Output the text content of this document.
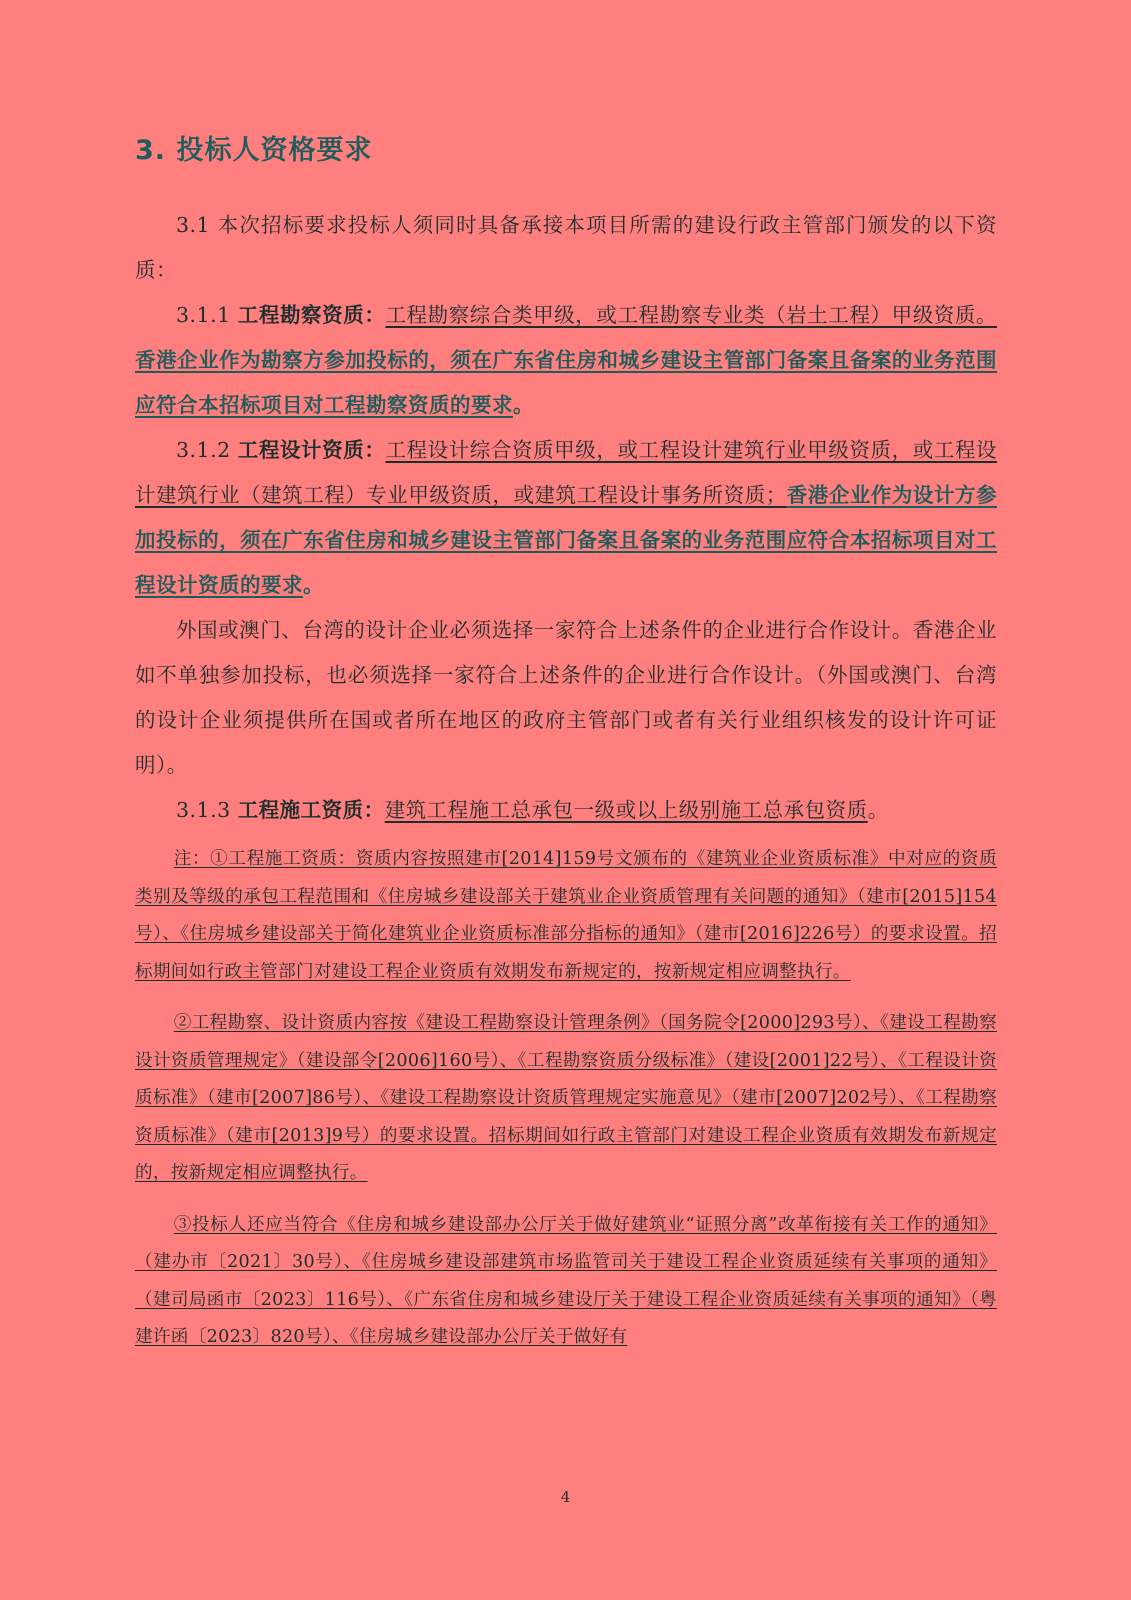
3. 投标人资格要求

3.1 本次招标要求投标人须同时具备承接本项目所需的建设行政主管部门颁发的以下资质：

3.1.1 工程勘察资质：工程勘察综合类甲级，或工程勘察专业类（岩土工程）甲级资质。香港企业作为勘察方参加投标的，须在广东省住房和城乡建设主管部门备案且备案的业务范围应符合本招标项目对工程勘察资质的要求。

3.1.2 工程设计资质：工程设计综合资质甲级，或工程设计建筑行业甲级资质，或工程设计建筑行业（建筑工程）专业甲级资质，或建筑工程设计事务所资质；香港企业作为设计方参加投标的，须在广东省住房和城乡建设主管部门备案且备案的业务范围应符合本招标项目对工程设计资质的要求。

外国或澳门、台湾的设计企业必须选择一家符合上述条件的企业进行合作设计。香港企业如不单独参加投标，也必须选择一家符合上述条件的企业进行合作设计。（外国或澳门、台湾的设计企业须提供所在国或者所在地区的政府主管部门或者有关行业组织核发的设计许可证明）。

3.1.3 工程施工资质：建筑工程施工总承包一级或以上级别施工总承包资质。

注：①工程施工资质：资质内容按照建市[2014]159号文颁布的《建筑业企业资质标准》中对应的资质类别及等级的承包工程范围和《住房城乡建设部关于建筑业企业资质管理有关问题的通知》（建市[2015]154号）、《住房城乡建设部关于简化建筑业企业资质标准部分指标的通知》（建市[2016]226号）的要求设置。招标期间如行政主管部门对建设工程企业资质有效期发布新规定的，按新规定相应调整执行。

②工程勘察、设计资质内容按《建设工程勘察设计管理条例》（国务院令[2000]293号）、《建设工程勘察设计资质管理规定》（建设部令[2006]160号）、《工程勘察资质分级标准》（建设[2001]22号）、《工程设计资质标准》（建市[2007]86号）、《建设工程勘察设计资质管理规定实施意见》（建市[2007]202号）、《工程勘察资质标准》（建市[2013]9号）的要求设置。招标期间如行政主管部门对建设工程企业资质有效期发布新规定的，按新规定相应调整执行。

③投标人还应当符合《住房和城乡建设部办公厅关于做好建筑业“证照分离”改革衔接有关工作的通知》（建办市〔2021〕30号）、《住房城乡建设部建筑市场监管司关于建设工程企业资质延续有关事项的通知》（建司局函市〔2023〕116号）、《广东省住房和城乡建设厅关于建设工程企业资质延续有关事项的通知》（粤建许函〔2023〕820号）、《住房城乡建设部办公厅关于做好有

4
